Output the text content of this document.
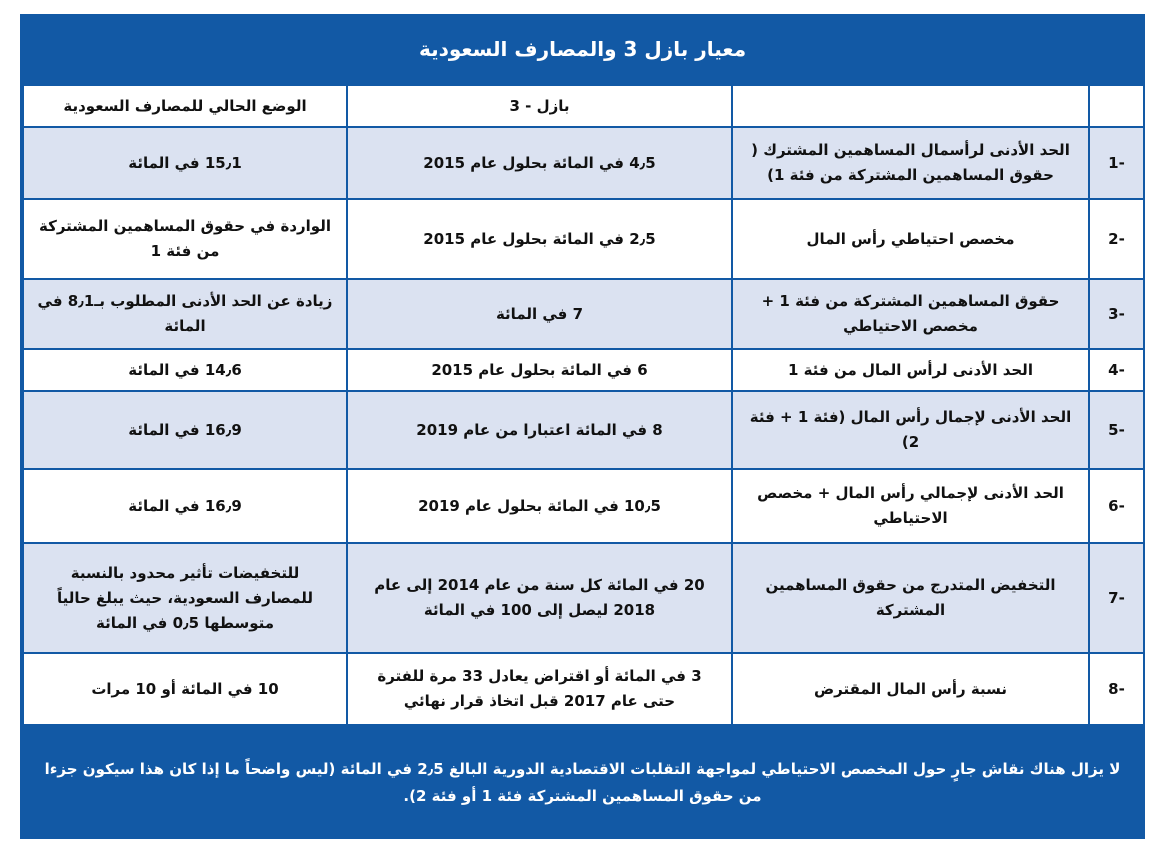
معيار بازل 3 والمصارف السعودية
		بازل - 3	الوضع الحالي للمصارف السعودية
-1	الحد الأدنى لرأسمال المساهمين المشترك ( حقوق المساهمين المشتركة من فئة 1)	4٫5 في المائة بحلول عام 2015	15٫1 في المائة
-2	مخصص احتياطي رأس المال	2٫5 في المائة بحلول عام 2015	الواردة في حقوق المساهمين المشتركة من فئة 1
-3	حقوق المساهمين المشتركة من فئة 1 + مخصص الاحتياطي	7 في المائة	زيادة عن الحد الأدنى المطلوب بـ8٫1 في المائة
-4	الحد الأدنى لرأس المال من فئة 1	6 في المائة بحلول عام 2015	14٫6 في المائة
-5	الحد الأدنى لإجمال رأس المال (فئة 1 + فئة 2)	8 في المائة اعتبارا من عام 2019	16٫9 في المائة
-6	الحد الأدنى لإجمالي رأس المال + مخصص الاحتياطي	10٫5 في المائة بحلول عام 2019	16٫9 في المائة
-7	التخفيض المتدرج من حقوق المساهمين المشتركة	20 في المائة كل سنة من عام 2014 إلى عام 2018 ليصل إلى 100 في المائة	للتخفيضات تأثير محدود بالنسبة للمصارف السعودية، حيث يبلغ حالياً متوسطها 0٫5 في المائة
-8	نسبة رأس المال المقترض	3 في المائة أو اقتراض يعادل 33 مرة للفترة حتى عام 2017 قبل اتخاذ قرار نهائي	10 في المائة أو 10 مرات
لا يزال هناك نقاش جارٍ حول المخصص الاحتياطي لمواجهة التقلبات الاقتصادية الدورية البالغ 2٫5 في المائة (ليس واضحاً ما إذا كان هذا سيكون جزءا من حقوق المساهمين المشتركة فئة 1 أو فئة 2).
